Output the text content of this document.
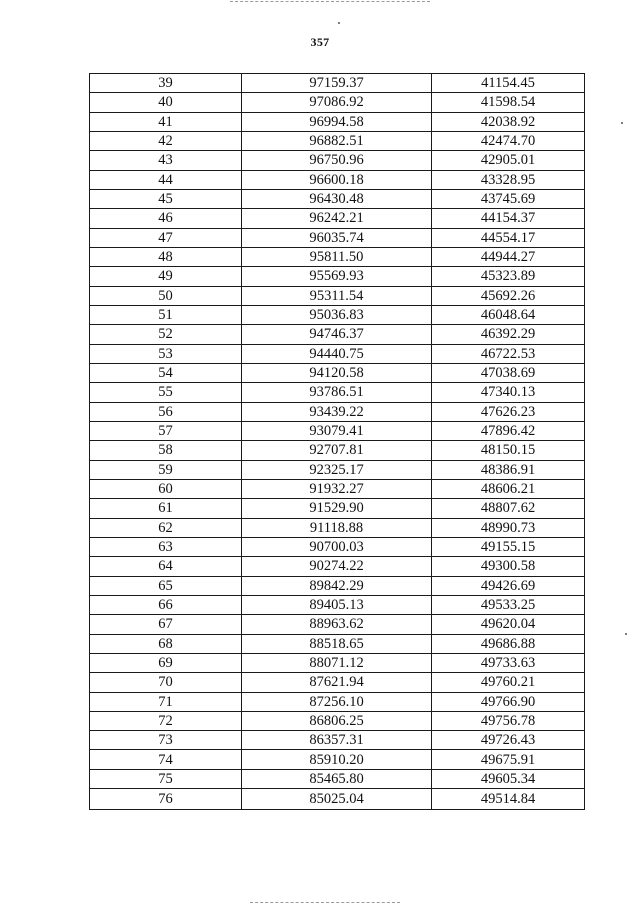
357
39	97159.37	41154.45
40	97086.92	41598.54
41	96994.58	42038.92
42	96882.51	42474.70
43	96750.96	42905.01
44	96600.18	43328.95
45	96430.48	43745.69
46	96242.21	44154.37
47	96035.74	44554.17
48	95811.50	44944.27
49	95569.93	45323.89
50	95311.54	45692.26
51	95036.83	46048.64
52	94746.37	46392.29
53	94440.75	46722.53
54	94120.58	47038.69
55	93786.51	47340.13
56	93439.22	47626.23
57	93079.41	47896.42
58	92707.81	48150.15
59	92325.17	48386.91
60	91932.27	48606.21
61	91529.90	48807.62
62	91118.88	48990.73
63	90700.03	49155.15
64	90274.22	49300.58
65	89842.29	49426.69
66	89405.13	49533.25
67	88963.62	49620.04
68	88518.65	49686.88
69	88071.12	49733.63
70	87621.94	49760.21
71	87256.10	49766.90
72	86806.25	49756.78
73	86357.31	49726.43
74	85910.20	49675.91
75	85465.80	49605.34
76	85025.04	49514.84
